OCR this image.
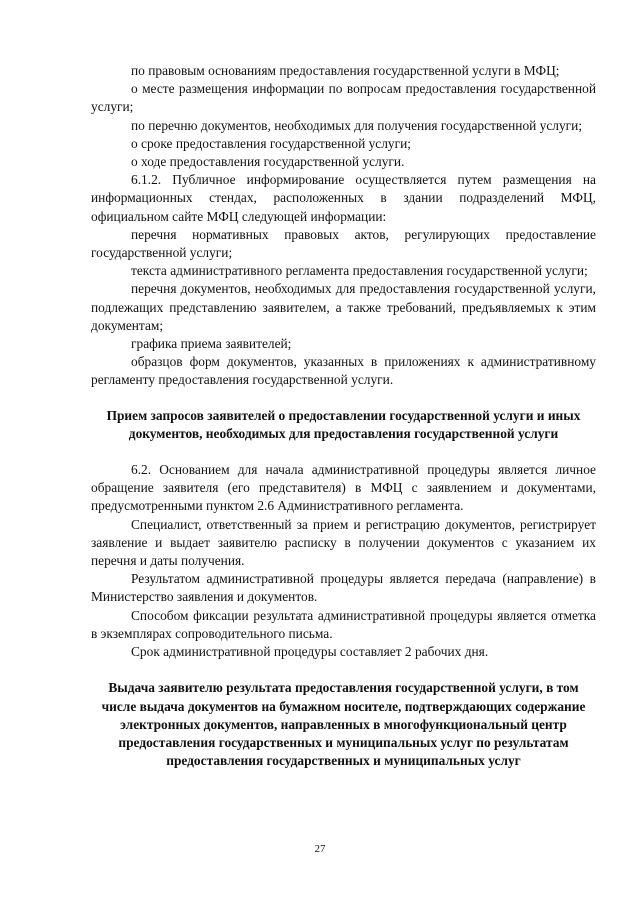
по правовым основаниям предоставления государственной услуги в МФЦ;

о месте размещения информации по вопросам предоставления государственной услуги;

по перечню документов, необходимых для получения государственной услуги;

о сроке предоставления государственной услуги;

о ходе предоставления государственной услуги.

6.1.2. Публичное информирование осуществляется путем размещения на информационных стендах, расположенных в здании подразделений МФЦ, официальном сайте МФЦ следующей информации:

перечня нормативных правовых актов, регулирующих предоставление государственной услуги;

текста административного регламента предоставления государственной услуги;

перечня документов, необходимых для предоставления государственной услуги, подлежащих представлению заявителем, а также требований, предъявляемых к этим документам;

графика приема заявителей;

образцов форм документов, указанных в приложениях к административному регламенту предоставления государственной услуги.

Прием запросов заявителей о предоставлении государственной услуги и иных документов, необходимых для предоставления государственной услуги

6.2. Основанием для начала административной процедуры является личное обращение заявителя (его представителя) в МФЦ с заявлением и документами, предусмотренными пунктом 2.6 Административного регламента.

Специалист, ответственный за прием и регистрацию документов, регистрирует заявление и выдает заявителю расписку в получении документов с указанием их перечня и даты получения.

Результатом административной процедуры является передача (направление) в Министерство заявления и документов.

Способом фиксации результата административной процедуры является отметка в экземплярах сопроводительного письма.

Срок административной процедуры составляет 2 рабочих дня.

Выдача заявителю результата предоставления государственной услуги, в том числе выдача документов на бумажном носителе, подтверждающих содержание электронных документов, направленных в многофункциональный центр предоставления государственных и муниципальных услуг по результатам предоставления государственных и муниципальных услуг

27
